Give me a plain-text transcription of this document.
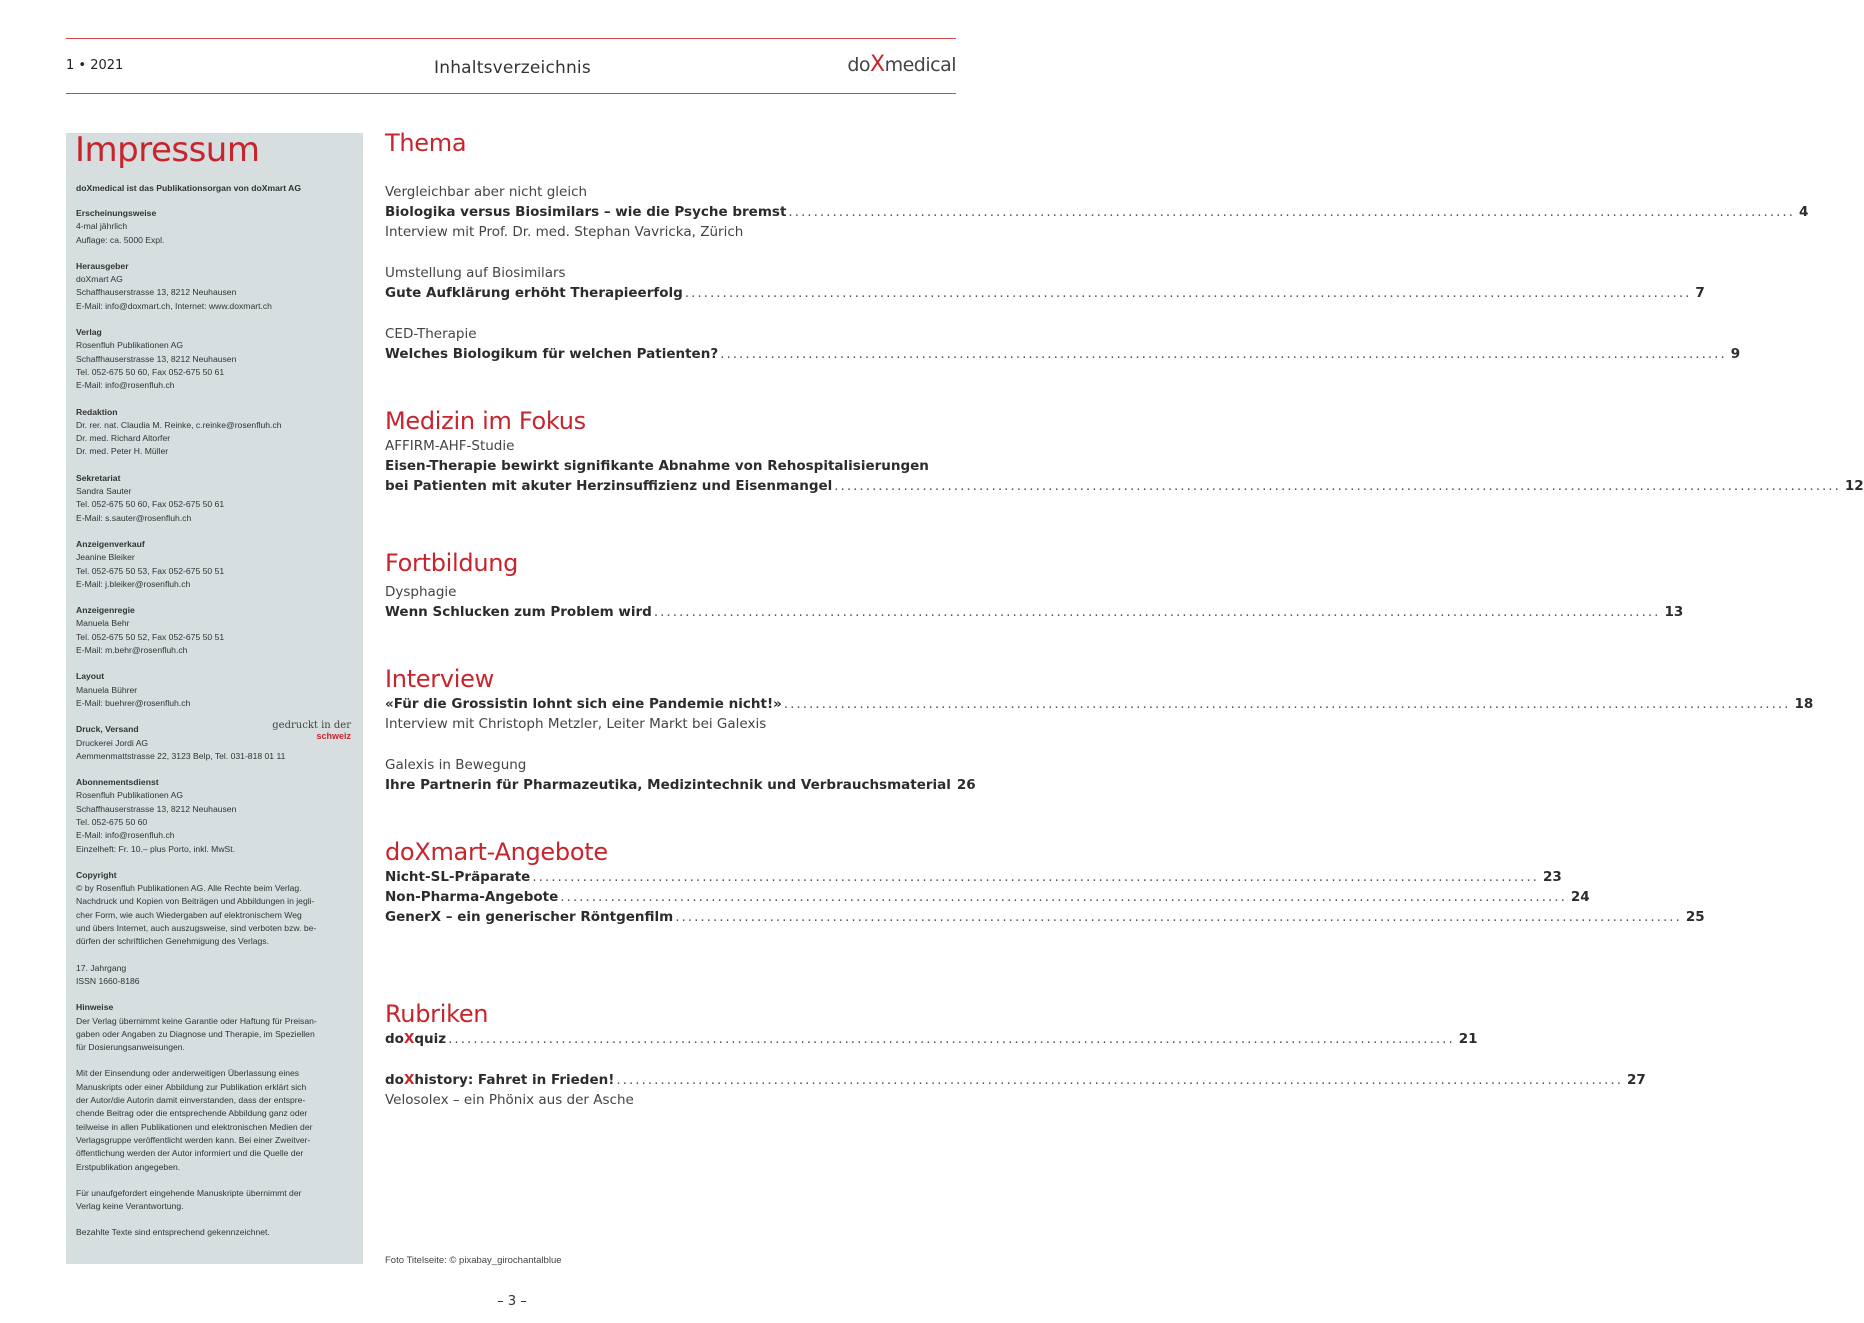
1 • 2021	Inhaltsverzeichnis	doXmedical
Impressum
doXmedical ist das Publikationsorgan von doXmart AG
Erscheinungsweise
4-mal jährlich
Auflage: ca. 5000 Expl.
Herausgeber
doXmart AG
Schaffhauserstrasse 13, 8212 Neuhausen
E-Mail: info@doxmart.ch, Internet: www.doxmart.ch
Verlag
Rosenfluh Publikationen AG
Schaffhauserstrasse 13, 8212 Neuhausen
Tel. 052-675 50 60, Fax 052-675 50 61
E-Mail: info@rosenfluh.ch
Redaktion
Dr. rer. nat. Claudia M. Reinke, c.reinke@rosenfluh.ch
Dr. med. Richard Altorfer
Dr. med. Peter H. Müller
Sekretariat
Sandra Sauter
Tel. 052-675 50 60, Fax 052-675 50 61
E-Mail: s.sauter@rosenfluh.ch
Anzeigenverkauf
Jeanine Bleiker
Tel. 052-675 50 53, Fax 052-675 50 51
E-Mail: j.bleiker@rosenfluh.ch
Anzeigenregie
Manuela Behr
Tel. 052-675 50 52, Fax 052-675 50 51
E-Mail: m.behr@rosenfluh.ch
Layout
Manuela Bührer
E-Mail: buehrer@rosenfluh.ch
Druck, Versand
Druckerei Jordi AG
Aemmenmattstrasse 22, 3123 Belp, Tel. 031-818 01 11
gedruckt in der
schweiz
Abonnementsdienst
Rosenfluh Publikationen AG
Schaffhauserstrasse 13, 8212 Neuhausen
Tel. 052-675 50 60
E-Mail: info@rosenfluh.ch
Einzelheft: Fr. 10.– plus Porto, inkl. MwSt.
Copyright
© by Rosenfluh Publikationen AG. Alle Rechte beim Verlag.
Nachdruck und Kopien von Beiträgen und Abbildungen in jegli-
cher Form, wie auch Wiedergaben auf elektronischem Weg
und übers Internet, auch auszugsweise, sind verboten bzw. be-
dürfen der schriftlichen Genehmigung des Verlags.
17. Jahrgang
ISSN 1660-8186
Hinweise
Der Verlag übernimmt keine Garantie oder Haftung für Preisan-
gaben oder Angaben zu Diagnose und Therapie, im Speziellen
für Dosierungsanweisungen.
Mit der Einsendung oder anderweitigen Überlassung eines
Manuskripts oder einer Abbildung zur Publikation erklärt sich
der Autor/die Autorin damit einverstanden, dass der entspre-
chende Beitrag oder die entsprechende Abbildung ganz oder
teilweise in allen Publikationen und elektronischen Medien der
Verlagsgruppe veröffentlicht werden kann. Bei einer Zweitver-
öffentlichung werden der Autor informiert und die Quelle der
Erstpublikation angegeben.
Für unaufgefordert eingehende Manuskripte übernimmt der
Verlag keine Verantwortung.
Bezahlte Texte sind entsprechend gekennzeichnet.
Thema
Vergleichbar aber nicht gleich
Biologika versus Biosimilars – wie die Psyche bremst ................................................................................................................................................................ 4
Interview mit Prof. Dr. med. Stephan Vavricka, Zürich
Umstellung auf Biosimilars
Gute Aufklärung erhöht Therapieerfolg ................................................................................................................................................................ 7
CED-Therapie
Welches Biologikum für welchen Patienten? ................................................................................................................................................................ 9
Medizin im Fokus
AFFIRM-AHF-Studie
Eisen-Therapie bewirkt signifikante Abnahme von Rehospitalisierungen
bei Patienten mit akuter Herzinsuffizienz und Eisenmangel ................................................................................................................................................................ 12
Fortbildung
Dysphagie
Wenn Schlucken zum Problem wird ................................................................................................................................................................ 13
Interview
«Für die Grossistin lohnt sich eine Pandemie nicht!» ................................................................................................................................................................ 18
Interview mit Christoph Metzler, Leiter Markt bei Galexis
Galexis in Bewegung
Ihre Partnerin für Pharmazeutika, Medizintechnik und Verbrauchsmaterial 26
doXmart-Angebote
Nicht-SL-Präparate ................................................................................................................................................................ 23
Non-Pharma-Angebote ................................................................................................................................................................ 24
GenerX – ein generischer Röntgenfilm ................................................................................................................................................................ 25
Rubriken
doXquiz ................................................................................................................................................................ 21
doXhistory: Fahret in Frieden! ................................................................................................................................................................ 27
Velosolex – ein Phönix aus der Asche
Foto Titelseite: © pixabay_girochantalblue
– 3 –
